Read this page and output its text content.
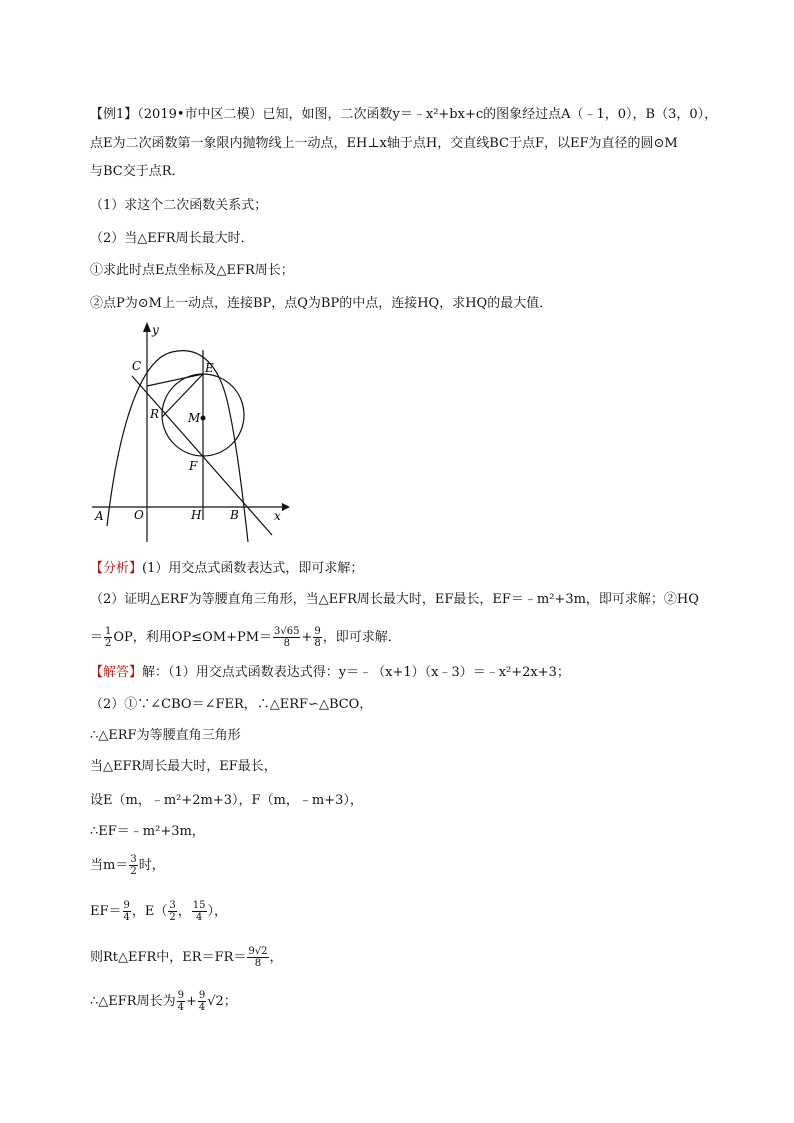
【例1】（2019•市中区二模）已知，如图，二次函数y＝﹣x²+bx+c的图象经过点A（﹣1，0），B（3，0），
点E为二次函数第一象限内抛物线上一动点，EH⊥x轴于点H，交直线BC于点F，以EF为直径的圆⊙M
与BC交于点R．
（1）求这个二次函数关系式；
（2）当△EFR周长最大时．
①求此时点E点坐标及△EFR周长；
②点P为⊙M上一动点，连接BP，点Q为BP的中点，连接HQ，求HQ的最大值．
y
x
A	O	H B
C	E
R M
F
【分析】(1）用交点式函数表达式，即可求解；
（2）证明△ERF为等腰直角三角形，当△EFR周长最大时，EF最长，EF＝﹣m²+3m，即可求解；②HQ
＝ $\frac{1}{2}$ OP，利用$OP\le OM+PM= \frac{3√65}{8} + \frac{9}{8}$ ，即可求解．
【解答】解：（1）用交点式函数表达式得：y＝﹣（x+1）（x﹣3）＝﹣x²+2x+3；
（2）①∵∠CBO＝∠FER，∴△ERF∽△BCO，
∴△ERF为等腰直角三角形
当△EFR周长最大时，EF最长，
设E（m，﹣m²+2m+3），F（m，﹣m+3），
∴EF＝﹣m²+3m，
当$m= \frac{3}{2}$ 时，
$EF= \frac{9}{4}$ ，$E( \frac{3}{2}$ ， $\frac{15}{4}$ ），
则Rt△EFR中，$ER=FR= \frac{9√2}{8}$ ，
∴△EFR周长为 $\frac{9}{4} + \frac{9}{4} √2$；
